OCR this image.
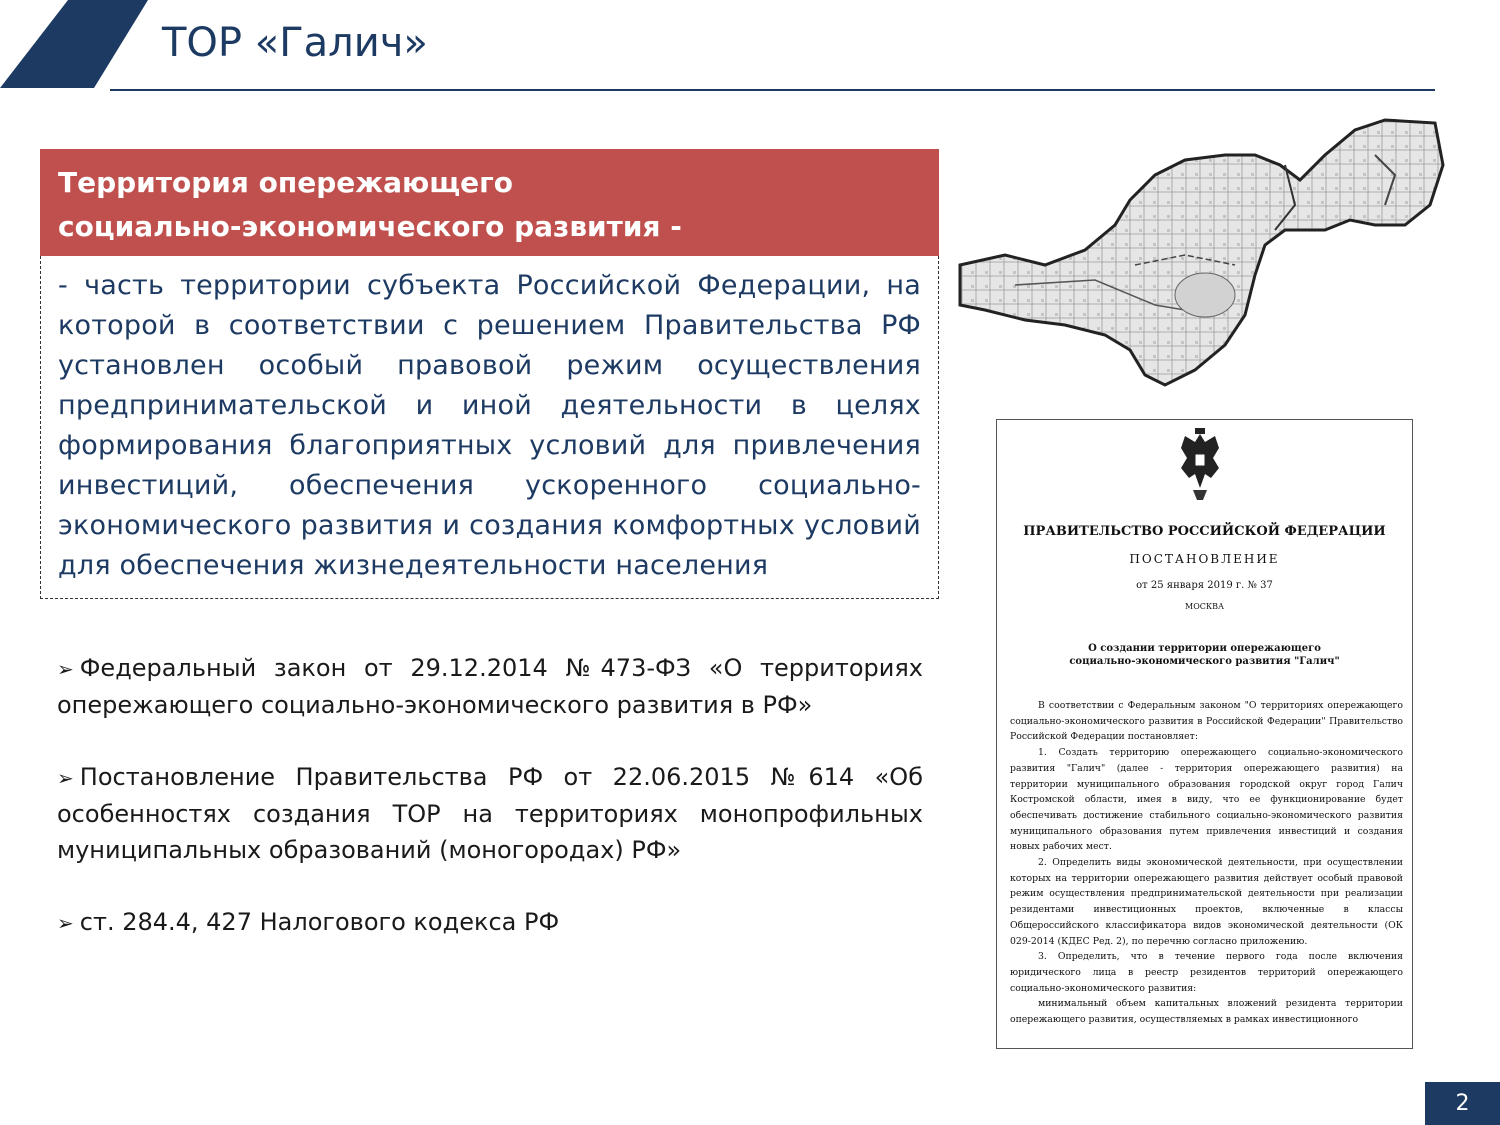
ТОР «Галич»
Территория опережающего
социально-экономического развития -
- часть территории субъекта Российской Федерации, на которой в соответствии с решением Правительства РФ установлен особый правовой режим осуществления предпринимательской и иной деятельности в целях формирования благоприятных условий для привлечения инвестиций, обеспечения ускоренного социально-экономического развития и создания комфортных условий для обеспечения жизнедеятельности населения
➢ Федеральный закон от 29.12.2014 №473-ФЗ «О территориях опережающего социально-экономического развития в РФ»
➢ Постановление Правительства РФ от 22.06.2015 №614 «Об особенностях создания ТОР на территориях монопрофильных муниципальных образований (моногородах) РФ»
➢ ст. 284.4, 427 Налогового кодекса РФ
ПРАВИТЕЛЬСТВО РОССИЙСКОЙ ФЕДЕРАЦИИ
ПОСТАНОВЛЕНИЕ
от 25 января 2019 г. № 37
МОСКВА
О создании территории опережающего
социально-экономического развития "Галич"

В соответствии с Федеральным законом "О территориях опережающего социально-экономического развития в Российской Федерации" Правительство Российской Федерации постановляет:

1. Создать территорию опережающего социально-экономического развития "Галич" (далее - территория опережающего развития) на территории муниципального образования городской округ город Галич Костромской области, имея в виду, что ее функционирование будет обеспечивать достижение стабильного социально-экономического развития муниципального образования путем привлечения инвестиций и создания новых рабочих мест.

2. Определить виды экономической деятельности, при осуществлении которых на территории опережающего развития действует особый правовой режим осуществления предпринимательской деятельности при реализации резидентами инвестиционных проектов, включенные в классы Общероссийского классификатора видов экономической деятельности (ОК 029-2014 (КДЕС Ред. 2), по перечню согласно приложению.

3. Определить, что в течение первого года после включения юридического лица в реестр резидентов территорий опережающего социально-экономического развития:

минимальный объем капитальных вложений резидента территории опережающего развития, осуществляемых в рамках инвестиционного

2
